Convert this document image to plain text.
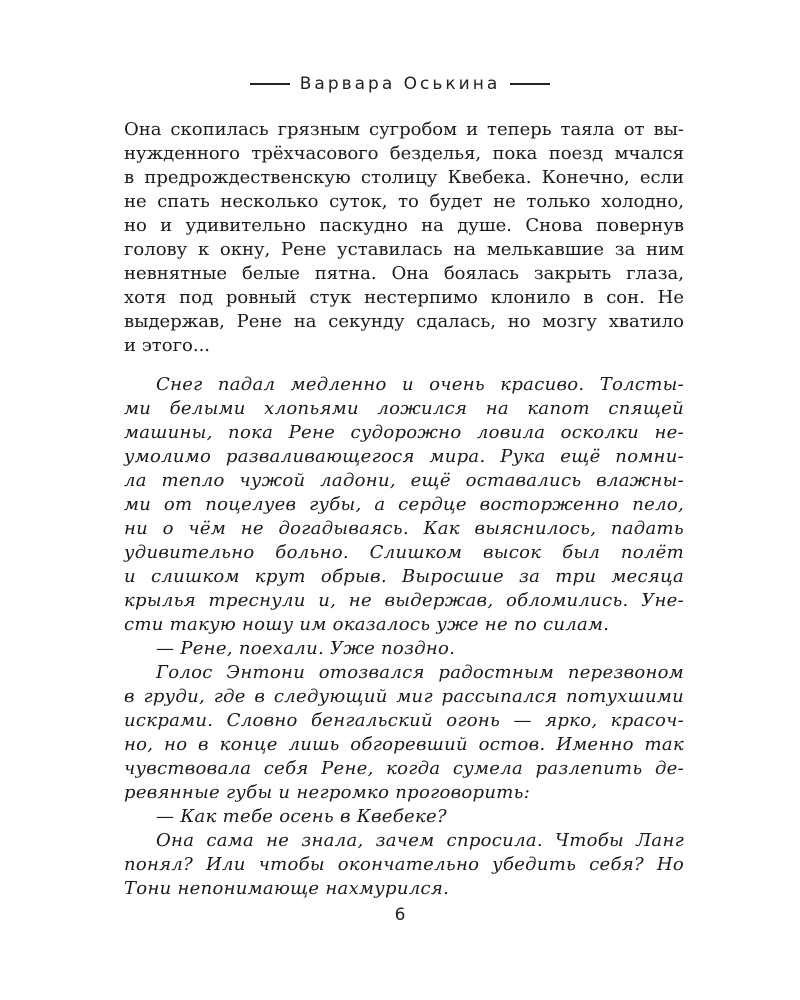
Варвара Оськина
Она скопилась грязным сугробом и теперь таяла от вы-
нужденного трёхчасового безделья, пока поезд мчался
в предрождественскую столицу Квебека. Конечно, если
не спать несколько суток, то будет не только холодно,
но и удивительно паскудно на душе. Снова повернув
голову к окну, Рене уставилась на мелькавшие за ним
невнятные белые пятна. Она боялась закрыть глаза,
хотя под ровный стук нестерпимо клонило в сон. Не
выдержав, Рене на секунду сдалась, но мозгу хватило
и этого...
Снег падал медленно и очень красиво. Толсты-
ми белыми хлопьями ложился на капот спящей
машины, пока Рене судорожно ловила осколки не-
умолимо разваливающегося мира. Рука ещё помни-
ла тепло чужой ладони, ещё оставались влажны-
ми от поцелуев губы, а сердце восторженно пело,
ни о чём не догадываясь. Как выяснилось, падать
удивительно больно. Слишком высок был полёт
и слишком крут обрыв. Выросшие за три месяца
крылья треснули и, не выдержав, обломились. Уне-
сти такую ношу им оказалось уже не по силам.
— Рене, поехали. Уже поздно.
Голос Энтони отозвался радостным перезвоном
в груди, где в следующий миг рассыпался потухшими
искрами. Словно бенгальский огонь — ярко, красоч-
но, но в конце лишь обгоревший остов. Именно так
чувствовала себя Рене, когда сумела разлепить де-
ревянные губы и негромко проговорить:
— Как тебе осень в Квебеке?
Она сама не знала, зачем спросила. Чтобы Ланг
понял? Или чтобы окончательно убедить себя? Но
Тони непонимающе нахмурился.
6
